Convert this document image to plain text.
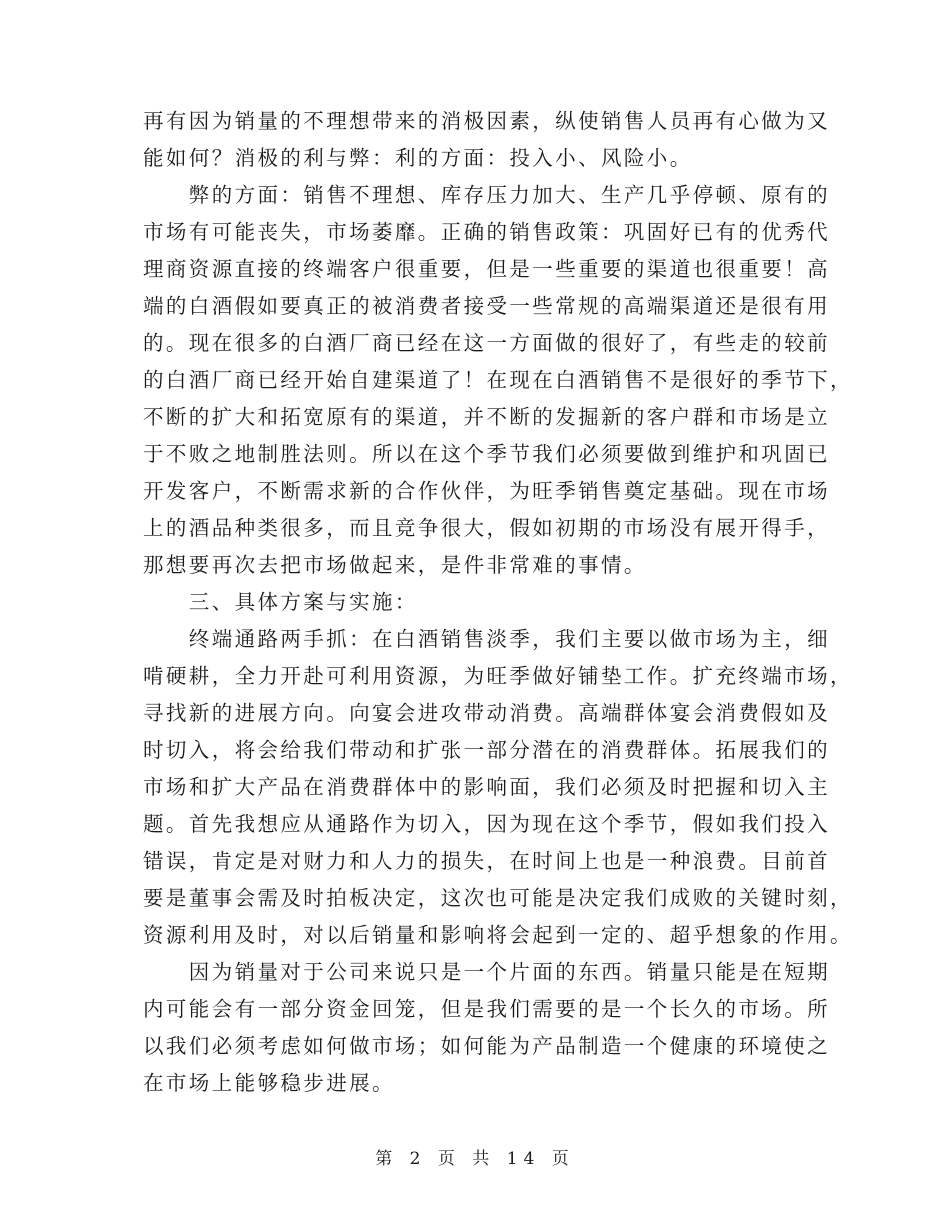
再有因为销量的不理想带来的消极因素，纵使销售人员再有心做为又
能如何？消极的利与弊：利的方面：投入小、风险小。
　　弊的方面：销售不理想、库存压力加大、生产几乎停顿、原有的
市场有可能丧失，市场萎靡。正确的销售政策：巩固好已有的优秀代
理商资源直接的终端客户很重要，但是一些重要的渠道也很重要！高
端的白酒假如要真正的被消费者接受一些常规的高端渠道还是很有用
的。现在很多的白酒厂商已经在这一方面做的很好了，有些走的较前
的白酒厂商已经开始自建渠道了！在现在白酒销售不是很好的季节下，
不断的扩大和拓宽原有的渠道，并不断的发掘新的客户群和市场是立
于不败之地制胜法则。所以在这个季节我们必须要做到维护和巩固已
开发客户，不断需求新的合作伙伴，为旺季销售奠定基础。现在市场
上的酒品种类很多，而且竞争很大，假如初期的市场没有展开得手，
那想要再次去把市场做起来，是件非常难的事情。
　　三、具体方案与实施：
　　终端通路两手抓：在白酒销售淡季，我们主要以做市场为主，细
啃硬耕，全力开赴可利用资源，为旺季做好铺垫工作。扩充终端市场，
寻找新的进展方向。向宴会进攻带动消费。高端群体宴会消费假如及
时切入，将会给我们带动和扩张一部分潜在的消费群体。拓展我们的
市场和扩大产品在消费群体中的影响面，我们必须及时把握和切入主
题。首先我想应从通路作为切入，因为现在这个季节，假如我们投入
错误，肯定是对财力和人力的损失，在时间上也是一种浪费。目前首
要是董事会需及时拍板决定，这次也可能是决定我们成败的关键时刻，
资源利用及时，对以后销量和影响将会起到一定的、超乎想象的作用。
　　因为销量对于公司来说只是一个片面的东西。销量只能是在短期
内可能会有一部分资金回笼，但是我们需要的是一个长久的市场。所
以我们必须考虑如何做市场；如何能为产品制造一个健康的环境使之
在市场上能够稳步进展。
第 2 页 共 14 页
